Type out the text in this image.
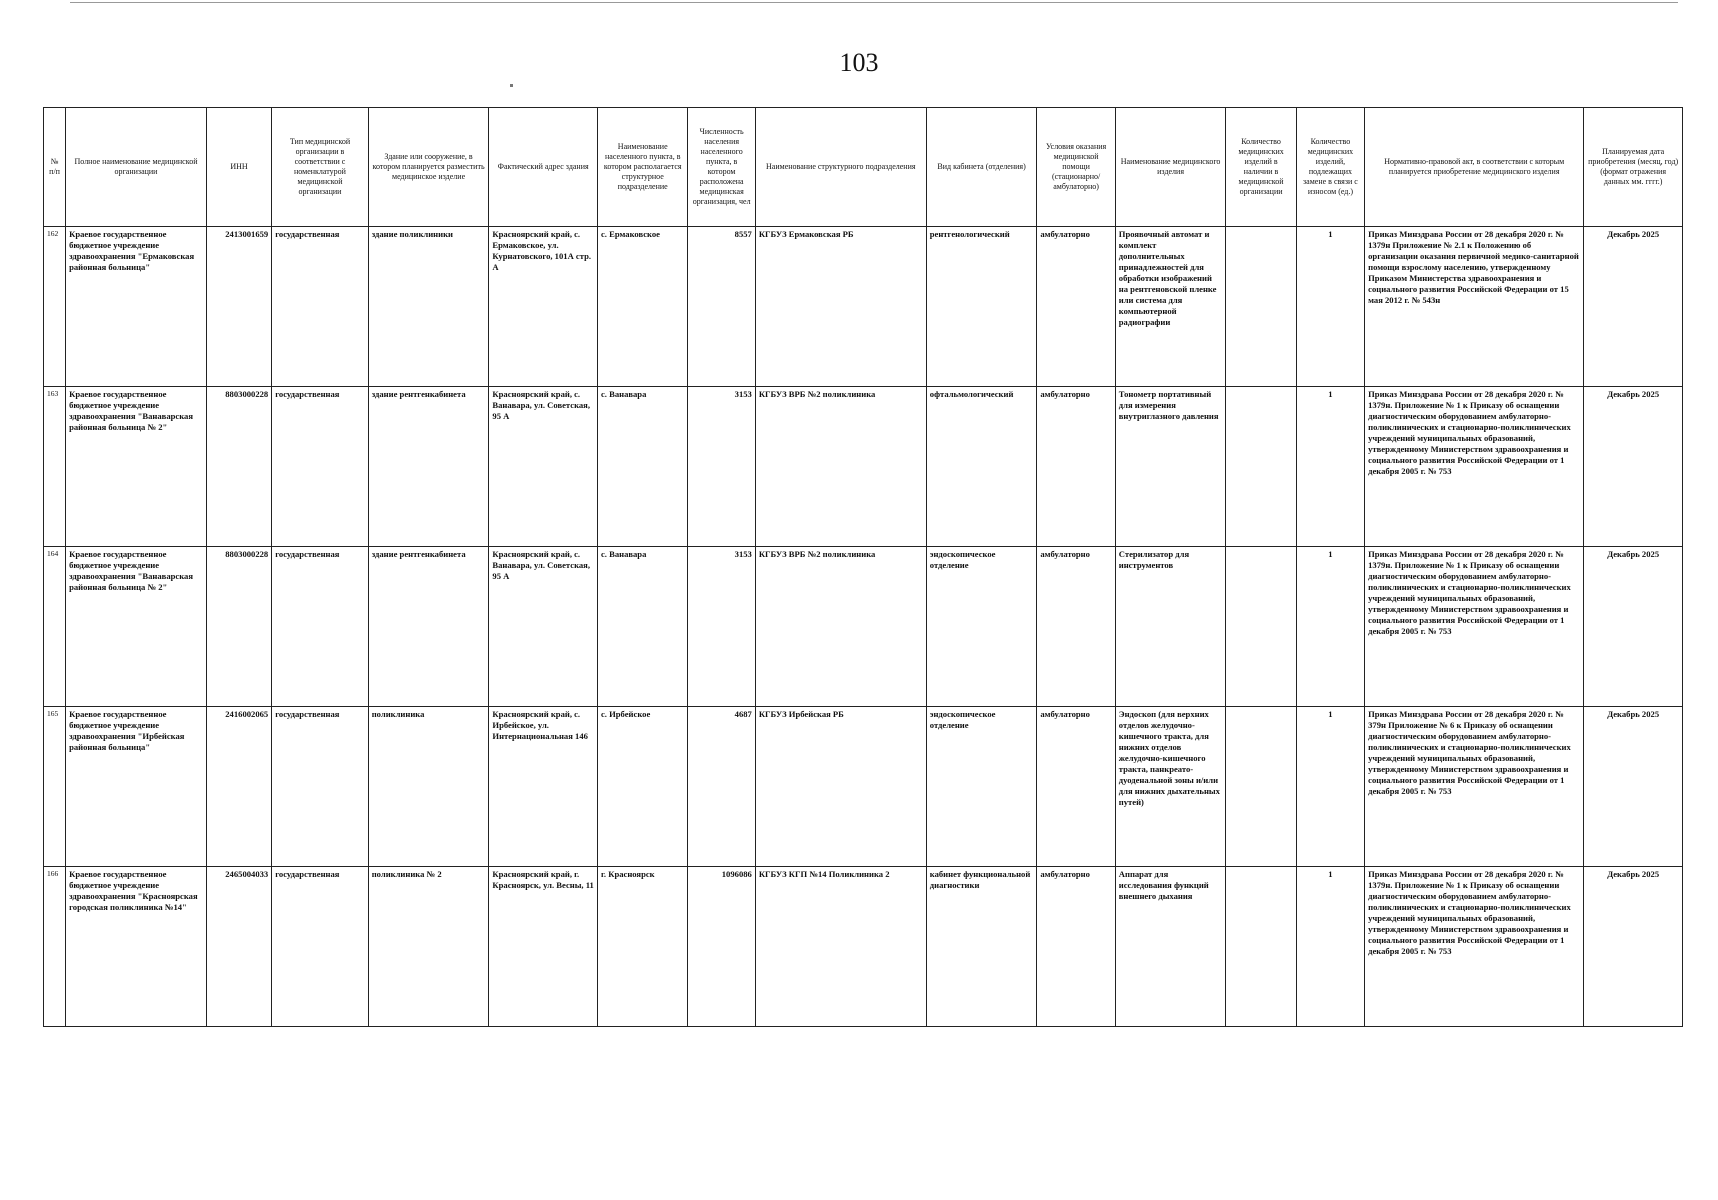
103
№ п/п	Полное наименование медицинской организации	ИНН	Тип медицинской организации в соответствии с номенклатурой медицинской организации	Здание или сооружение, в котором планируется разместить медицинское изделие	Фактический адрес здания	Наименование населенного пункта, в котором располагается структурное подразделение	Численность населения населенного пункта, в котором расположена медицинская организация, чел	Наименование структурного подразделения	Вид кабинета (отделения)	Условия оказания медицинской помощи (стационарно/ амбулаторно)	Наименование медицинского изделия	Количество медицинских изделий в наличии в медицинской организации	Количество медицинских изделий, подлежащих замене в связи с износом (ед.)	Нормативно-правовой акт, в соответствии с которым планируется приобретение медицинского изделия	Планируемая дата приобретения (месяц, год) (формат отражения данных мм. гггг.)
162	Краевое государственное бюджетное учреждение здравоохранения "Ермаковская районная больница"	2413001659	государственная	здание поликлиники	Красноярский край, с. Ермаковское, ул. Курнатовского, 101А стр. А	с. Ермаковское	8557	КГБУЗ Ермаковская РБ	рентгенологический	амбулаторно	Проявочный автомат и комплект дополнительных принадлежностей для обработки изображений на рентгеновской пленке или система для компьютерной радиографии		1	Приказ Минздрава России от 28 декабря 2020 г. № 1379н Приложение № 2.1 к Положению об организации оказания первичной медико-санитарной помощи взрослому населению, утвержденному Приказом Министерства здравоохранения и социального развития Российской Федерации от 15 мая 2012 г. № 543н	Декабрь 2025
163	Краевое государственное бюджетное учреждение здравоохранения "Ванаварская районная больница № 2"	8803000228	государственная	здание рентгенкабинета	Красноярский край, с. Ванавара, ул. Советская, 95 А	с. Ванавара	3153	КГБУЗ ВРБ №2 поликлиника	офтальмологический	амбулаторно	Тонометр портативный для измерения внутриглазного давления		1	Приказ Минздрава России от 28 декабря 2020 г. № 1379н. Приложение № 1 к Приказу об оснащении диагностическим оборудованием амбулаторно-поликлинических и стационарно-поликлинических учреждений муниципальных образований, утвержденному Министерством здравоохранения и социального развития Российской Федерации от 1 декабря 2005 г. № 753	Декабрь 2025
164	Краевое государственное бюджетное учреждение здравоохранения "Ванаварская районная больница № 2"	8803000228	государственная	здание рентгенкабинета	Красноярский край, с. Ванавара, ул. Советская, 95 А	с. Ванавара	3153	КГБУЗ ВРБ №2 поликлиника	эндоскопическое отделение	амбулаторно	Стерилизатор для инструментов		1	Приказ Минздрава России от 28 декабря 2020 г. № 1379н. Приложение № 1 к Приказу об оснащении диагностическим оборудованием амбулаторно-поликлинических и стационарно-поликлинических учреждений муниципальных образований, утвержденному Министерством здравоохранения и социального развития Российской Федерации от 1 декабря 2005 г. № 753	Декабрь 2025
165	Краевое государственное бюджетное учреждение здравоохранения "Ирбейская районная больница"	2416002065	государственная	поликлиника	Красноярский край, с. Ирбейское, ул. Интернациональная 146	с. Ирбейское	4687	КГБУЗ Ирбейская РБ	эндоскопическое отделение	амбулаторно	Эндоскоп (для верхних отделов желудочно-кишечного тракта, для нижних отделов желудочно-кишечного тракта, панкреато-дуоденальной зоны и/или для нижних дыхательных путей)		1	Приказ Минздрава России от 28 декабря 2020 г. № 379н Приложение № 6 к Приказу об оснащении диагностическим оборудованием амбулаторно-поликлинических и стационарно-поликлинических учреждений муниципальных образований, утвержденному Министерством здравоохранения и социального развития Российской Федерации от 1 декабря 2005 г. № 753	Декабрь 2025
166	Краевое государственное бюджетное учреждение здравоохранения "Красноярская городская поликлиника №14"	2465004033	государственная	поликлиника № 2	Красноярский край, г. Красноярск, ул. Весны, 11	г. Красноярск	1096086	КГБУЗ КГП №14 Поликлиника 2	кабинет функциональной диагностики	амбулаторно	Аппарат для исследования функций внешнего дыхания		1	Приказ Минздрава России от 28 декабря 2020 г. № 1379н. Приложение № 1 к Приказу об оснащении диагностическим оборудованием амбулаторно-поликлинических и стационарно-поликлинических учреждений муниципальных образований, утвержденному Министерством здравоохранения и социального развития Российской Федерации от 1 декабря 2005 г. № 753	Декабрь 2025
